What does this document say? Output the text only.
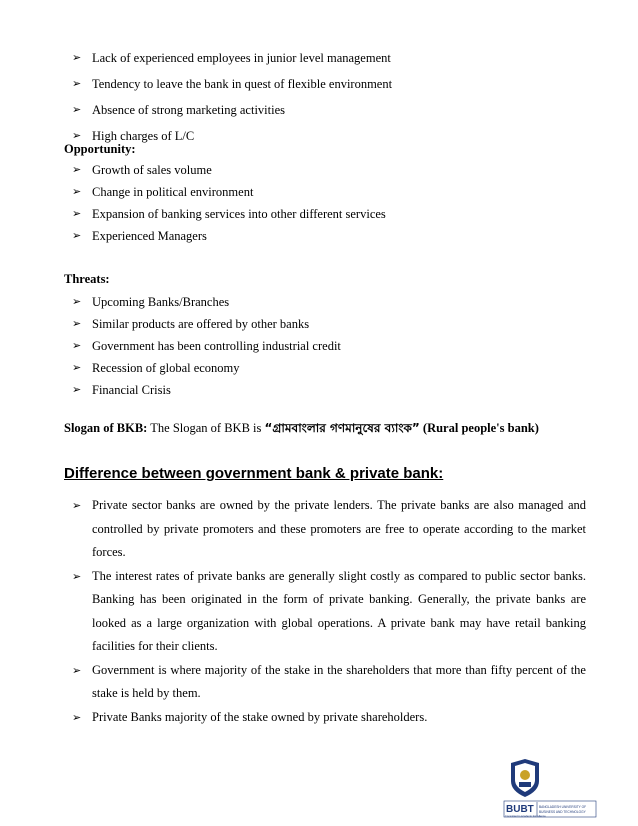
➢ Lack of experienced employees in junior level management
➢ Tendency to leave the bank in quest of flexible environment
➢ Absence of strong marketing activities
➢ High charges of L/C
Opportunity:
➢ Growth of sales volume
➢ Change in political environment
➢ Expansion of banking services into other different services
➢ Experienced Managers
Threats:
➢ Upcoming Banks/Branches
➢ Similar products are offered by other banks
➢ Government has been controlling industrial credit
➢ Recession of global economy
➢ Financial Crisis
Slogan of BKB: The Slogan of BKB is “গ্রামবাংলার গণমানুষের ব্যাংক” (Rural people's bank)
Difference between government bank & private bank:
➢ Private sector banks are owned by the private lenders. The private banks are also managed and controlled by private promoters and these promoters are free to operate according to the market forces.
➢ The interest rates of private banks are generally slight costly as compared to public sector banks. Banking has been originated in the form of private banking. Generally, the private banks are looked as a large organization with global operations. A private bank may have retail banking facilities for their clients.
➢ Government is where majority of the stake in the shareholders that more than fifty percent of the stake is held by them.
➢ Private Banks majority of the stake owned by private shareholders.
BUBT BANGLADESH UNIVERSITY OF
BUSINESS AND TECHNOLOGY
Committed to Academic Excellence
